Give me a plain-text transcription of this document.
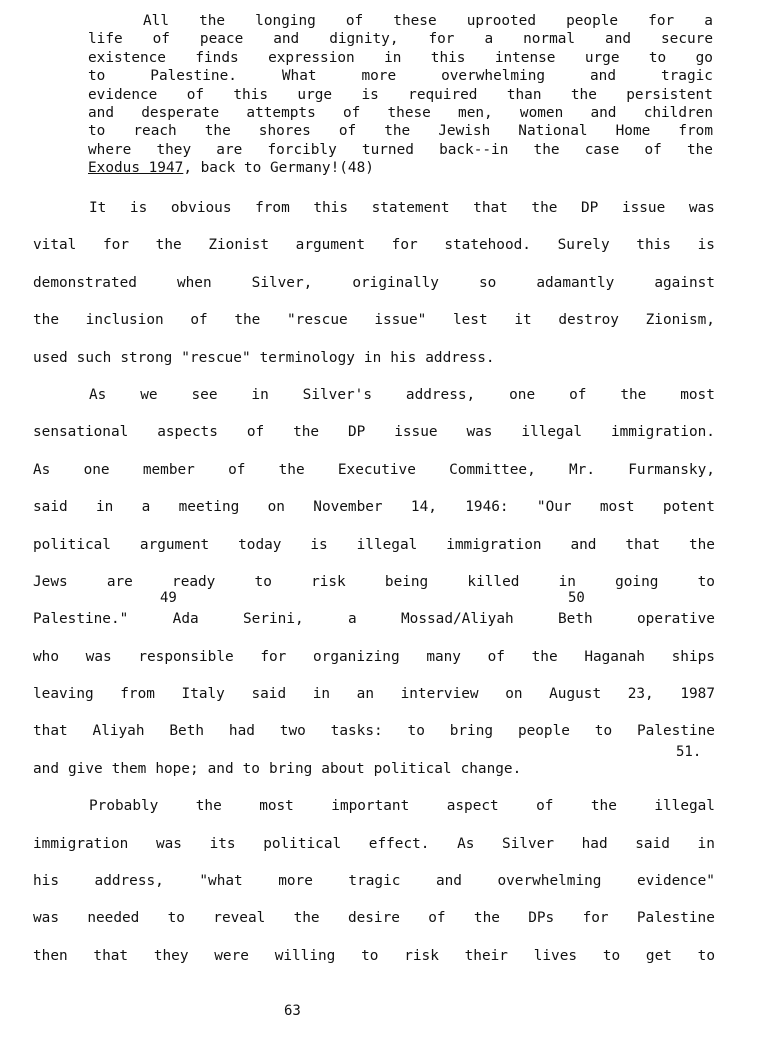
All the longing of these uprooted people for a
life of peace and dignity, for a normal and secure
existence finds expression in this intense urge to go
to	Palestine.	What	more	overwhelming	and	tragic
evidence of this urge is required than the persistent
and desperate attempts of these men, women and children
to reach the shores of the Jewish National Home from
where they are forcibly turned back--in the case of the
Exodus 1947 , back to Germany!(48)
It is obvious from this statement that the DP issue was
vital for the Zionist argument for statehood. Surely this is
demonstrated	when	Silver,	originally	so	adamantly	against
the inclusion of the "rescue issue" lest it destroy Zionism,
used such strong "rescue" terminology in his address.
As we see in Silver's address, one of the most
sensational aspects of the DP issue was illegal immigration.
As one member of the Executive Committee, Mr. Furmansky,
said in a meeting on November 14, 1946: "Our most potent
political argument today is illegal immigration and that the
Jews	are	ready	to	risk	being	killed	in	going	to
Palestine."	Ada	Serini,	a	Mossad/Aliyah	Beth	operative
who was responsible for organizing many of the Haganah ships
leaving from Italy said in an interview on August 23, 1987
that Aliyah Beth had two tasks: to bring people to Palestine
and give them hope; and to bring about political change.
Probably	the	most	important	aspect	of	the	illegal
immigration was its political effect. As Silver had said in
his address, "what more tragic and overwhelming evidence"
was needed to reveal the desire of the DPs for Palestine
then that they were willing to risk their lives to get to
49	50
51.
63
